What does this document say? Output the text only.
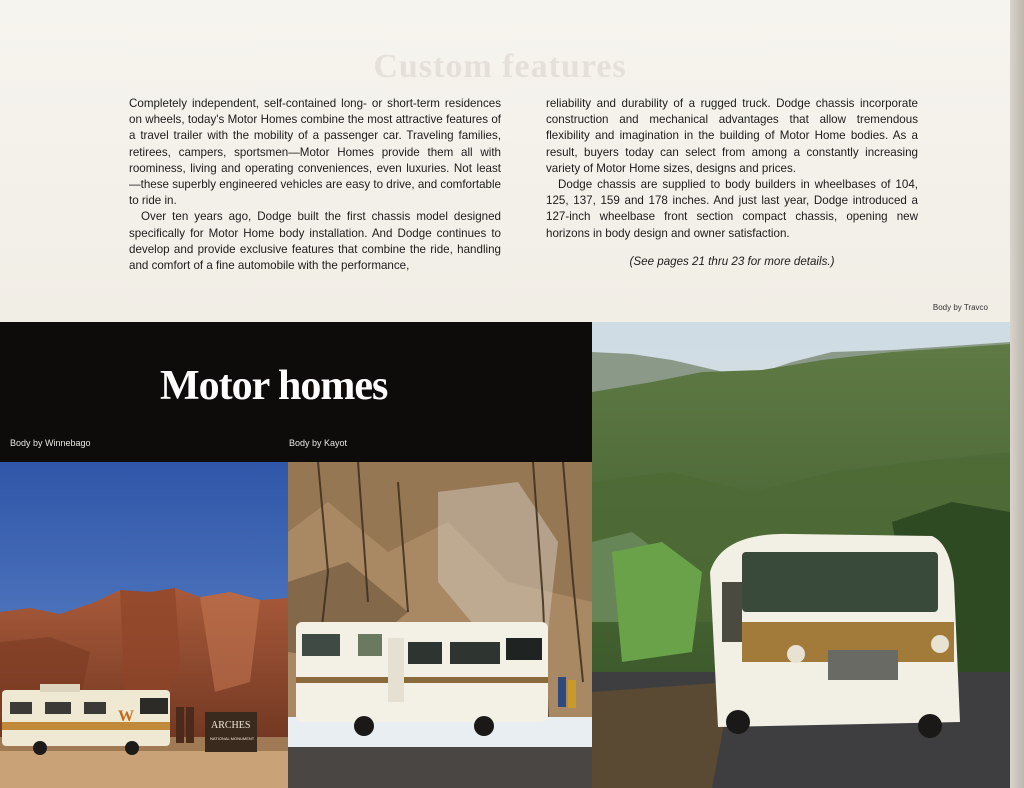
Custom features

Completely independent, self-contained long- or short-term residences on wheels, today's Motor Homes combine the most attractive features of a travel trailer with the mobility of a passenger car. Traveling families, retirees, campers, sportsmen—Motor Homes provide them all with roominess, living and operating conveniences, even luxuries. Not least—these superbly engineered vehicles are easy to drive, and comfortable to ride in.

Over ten years ago, Dodge built the first chassis model designed specifically for Motor Home body installation. And Dodge continues to develop and provide exclusive features that combine the ride, handling and comfort of a fine automobile with the performance,

reliability and durability of a rugged truck. Dodge chassis incorporate construction and mechanical advantages that allow tremendous flexibility and imagination in the building of Motor Home bodies. As a result, buyers today can select from among a constantly increasing variety of Motor Home sizes, designs and prices.

Dodge chassis are supplied to body builders in wheelbases of 104, 125, 137, 159 and 178 inches. And just last year, Dodge introduced a 127-inch wheelbase front section compact chassis, opening new horizons in body design and owner satisfaction.

(See pages 21 thru 23 for more details.)
Body by Travco
Motor homes
Body by Winnebago	Body by Kayot
W
ARCHES
NATIONAL MONUMENT
